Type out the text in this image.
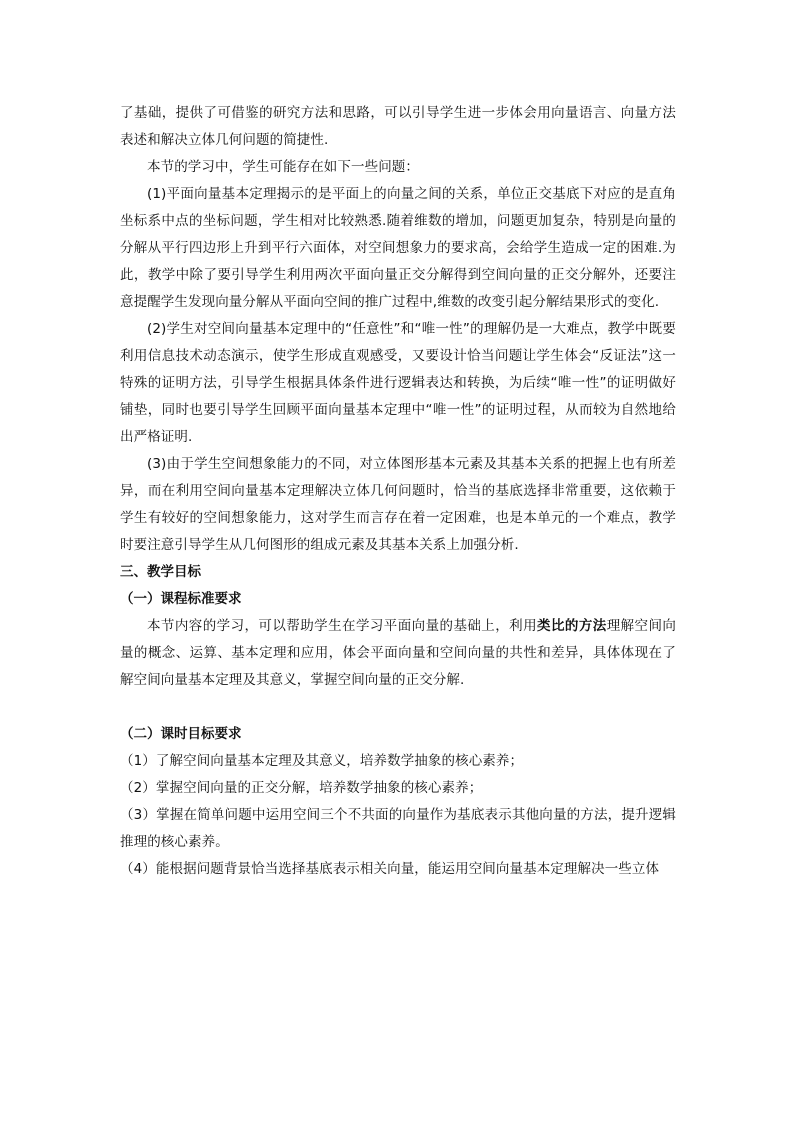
了基础，提供了可借鉴的研究方法和思路，可以引导学生进一步体会用向量语言、向量方法表述和解决立体几何问题的简捷性.

本节的学习中，学生可能存在如下一些问题：

(1)平面向量基本定理揭示的是平面上的向量之间的关系，单位正交基底下对应的是直角坐标系中点的坐标问题，学生相对比较熟悉.随着维数的增加，问题更加复杂，特别是向量的分解从平行四边形上升到平行六面体，对空间想象力的要求高，会给学生造成一定的困难.为此，教学中除了要引导学生利用两次平面向量正交分解得到空间向量的正交分解外，还要注意提醒学生发现向量分解从平面向空间的推广过程中,维数的改变引起分解结果形式的变化.

(2)学生对空间向量基本定理中的“任意性”和“唯一性”的理解仍是一大难点，教学中既要利用信息技术动态演示，使学生形成直观感受，又要设计恰当问题让学生体会“反证法”这一特殊的证明方法，引导学生根据具体条件进行逻辑表达和转换，为后续“唯一性”的证明做好铺垫，同时也要引导学生回顾平面向量基本定理中“唯一性”的证明过程，从而较为自然地给出严格证明.

(3)由于学生空间想象能力的不同，对立体图形基本元素及其基本关系的把握上也有所差异，而在利用空间向量基本定理解决立体几何问题时，恰当的基底选择非常重要，这依赖于学生有较好的空间想象能力，这对学生而言存在着一定困难，也是本单元的一个难点，教学时要注意引导学生从几何图形的组成元素及其基本关系上加强分析.

三、教学目标

（一）课程标准要求

本节内容的学习，可以帮助学生在学习平面向量的基础上，利用类比的方法理解空间向量的概念、运算、基本定理和应用，体会平面向量和空间向量的共性和差异，具体体现在了解空间向量基本定理及其意义，掌握空间向量的正交分解.

（二）课时目标要求

（1）了解空间向量基本定理及其意义，培养数学抽象的核心素养；

（2）掌握空间向量的正交分解，培养数学抽象的核心素养；

（3）掌握在简单问题中运用空间三个不共面的向量作为基底表示其他向量的方法，提升逻辑推理的核心素养。

（4）能根据问题背景恰当选择基底表示相关向量，能运用空间向量基本定理解决一些立体
